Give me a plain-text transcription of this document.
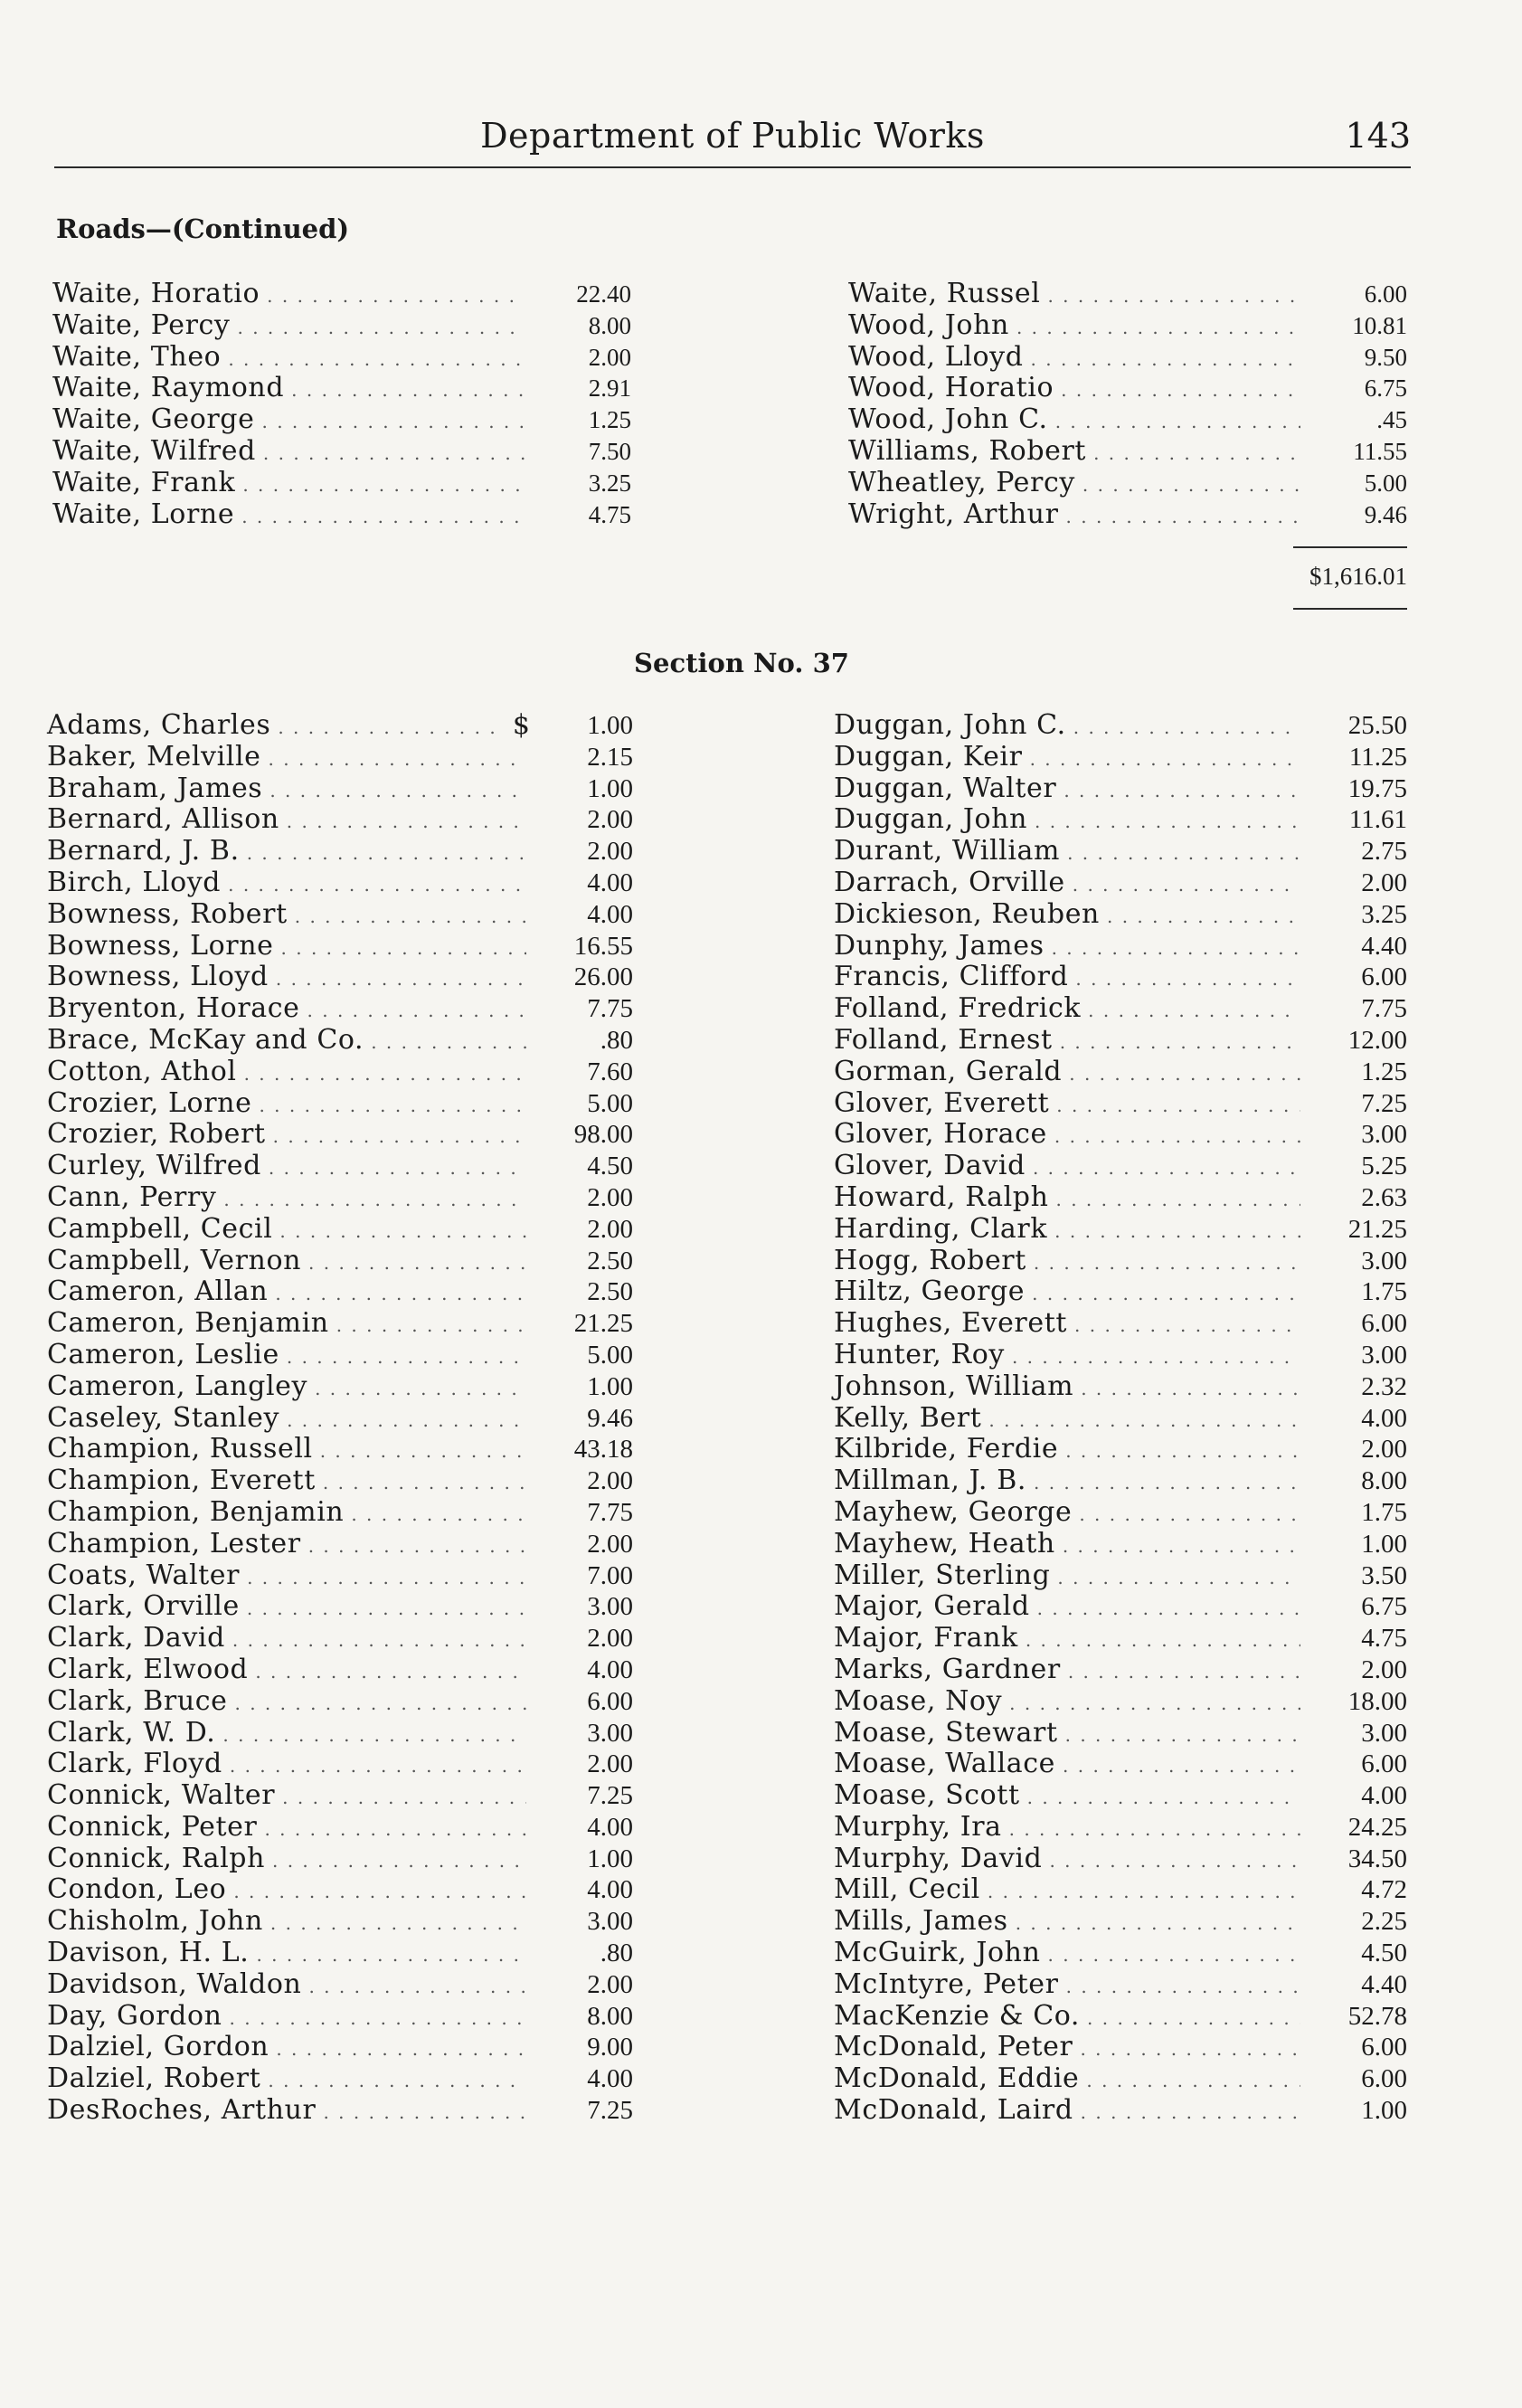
Department of Public Works	143
Roads—(Continued)
Waite, Horatio . . .	22.40
Waite, Percy . . .	8.00
Waite, Theo . . .	2.00
Waite, Raymond . . .	2.91
Waite, George . . .	1.25
Waite, Wilfred . . .	7.50
Waite, Frank . . .	3.25
Waite, Lorne . . .	4.75
Waite, Russel . . .	6.00
Wood, John . . .	10.81
Wood, Lloyd . . .	9.50
Wood, Horatio . . .	6.75
Wood, John C. . . .	.45
Williams, Robert . . .	11.55
Wheatley, Percy . . .	5.00
Wright, Arthur . . .	9.46
$1,616.01
Section No. 37
Adams, Charles . . .	$	1.00
Baker, Melville . . .	2.15
Braham, James . . .	1.00
Bernard, Allison . . .	2.00
Bernard, J. B. . . .	2.00
Birch, Lloyd . . .	4.00
Bowness, Robert . . .	4.00
Bowness, Lorne . . .	16.55
Bowness, Lloyd . . .	26.00
Bryenton, Horace . . .	7.75
Brace, McKay and Co. . . .	.80
Cotton, Athol . . .	7.60
Crozier, Lorne . . .	5.00
Crozier, Robert . . .	98.00
Curley, Wilfred . . .	4.50
Cann, Perry . . .	2.00
Campbell, Cecil . . .	2.00
Campbell, Vernon . . .	2.50
Cameron, Allan . . .	2.50
Cameron, Benjamin . . .	21.25
Cameron, Leslie . . .	5.00
Cameron, Langley . . .	1.00
Caseley, Stanley . . .	9.46
Champion, Russell . . .	43.18
Champion, Everett . . .	2.00
Champion, Benjamin . . .	7.75
Champion, Lester . . .	2.00
Coats, Walter . . .	7.00
Clark, Orville . . .	3.00
Clark, David . . .	2.00
Clark, Elwood . . .	4.00
Clark, Bruce . . .	6.00
Clark, W. D. . . .	3.00
Clark, Floyd . . .	2.00
Connick, Walter . . .	7.25
Connick, Peter . . .	4.00
Connick, Ralph . . .	1.00
Condon, Leo . . .	4.00
Chisholm, John . . .	3.00
Davison, H. L. . . .	.80
Davidson, Waldon . . .	2.00
Day, Gordon . . .	8.00
Dalziel, Gordon . . .	9.00
Dalziel, Robert . . .	4.00
DesRoches, Arthur . . .	7.25
Duggan, John C. . . .	25.50
Duggan, Keir . . .	11.25
Duggan, Walter . . .	19.75
Duggan, John . . .	11.61
Durant, William . . .	2.75
Darrach, Orville . . .	2.00
Dickieson, Reuben . . .	3.25
Dunphy, James . . .	4.40
Francis, Clifford . . .	6.00
Folland, Fredrick . . .	7.75
Folland, Ernest . . .	12.00
Gorman, Gerald . . .	1.25
Glover, Everett . . .	7.25
Glover, Horace . . .	3.00
Glover, David . . .	5.25
Howard, Ralph . . .	2.63
Harding, Clark . . .	21.25
Hogg, Robert . . .	3.00
Hiltz, George . . .	1.75
Hughes, Everett . . .	6.00
Hunter, Roy . . .	3.00
Johnson, William . . .	2.32
Kelly, Bert . . .	4.00
Kilbride, Ferdie . . .	2.00
Millman, J. B. . . .	8.00
Mayhew, George . . .	1.75
Mayhew, Heath . . .	1.00
Miller, Sterling . . .	3.50
Major, Gerald . . .	6.75
Major, Frank . . .	4.75
Marks, Gardner . . .	2.00
Moase, Noy . . .	18.00
Moase, Stewart . . .	3.00
Moase, Wallace . . .	6.00
Moase, Scott . . .	4.00
Murphy, Ira . . .	24.25
Murphy, David . . .	34.50
Mill, Cecil . . .	4.72
Mills, James . . .	2.25
McGuirk, John . . .	4.50
McIntyre, Peter . . .	4.40
MacKenzie & Co. . . .	52.78
McDonald, Peter . . .	6.00
McDonald, Eddie . . .	6.00
McDonald, Laird . . .	1.00
